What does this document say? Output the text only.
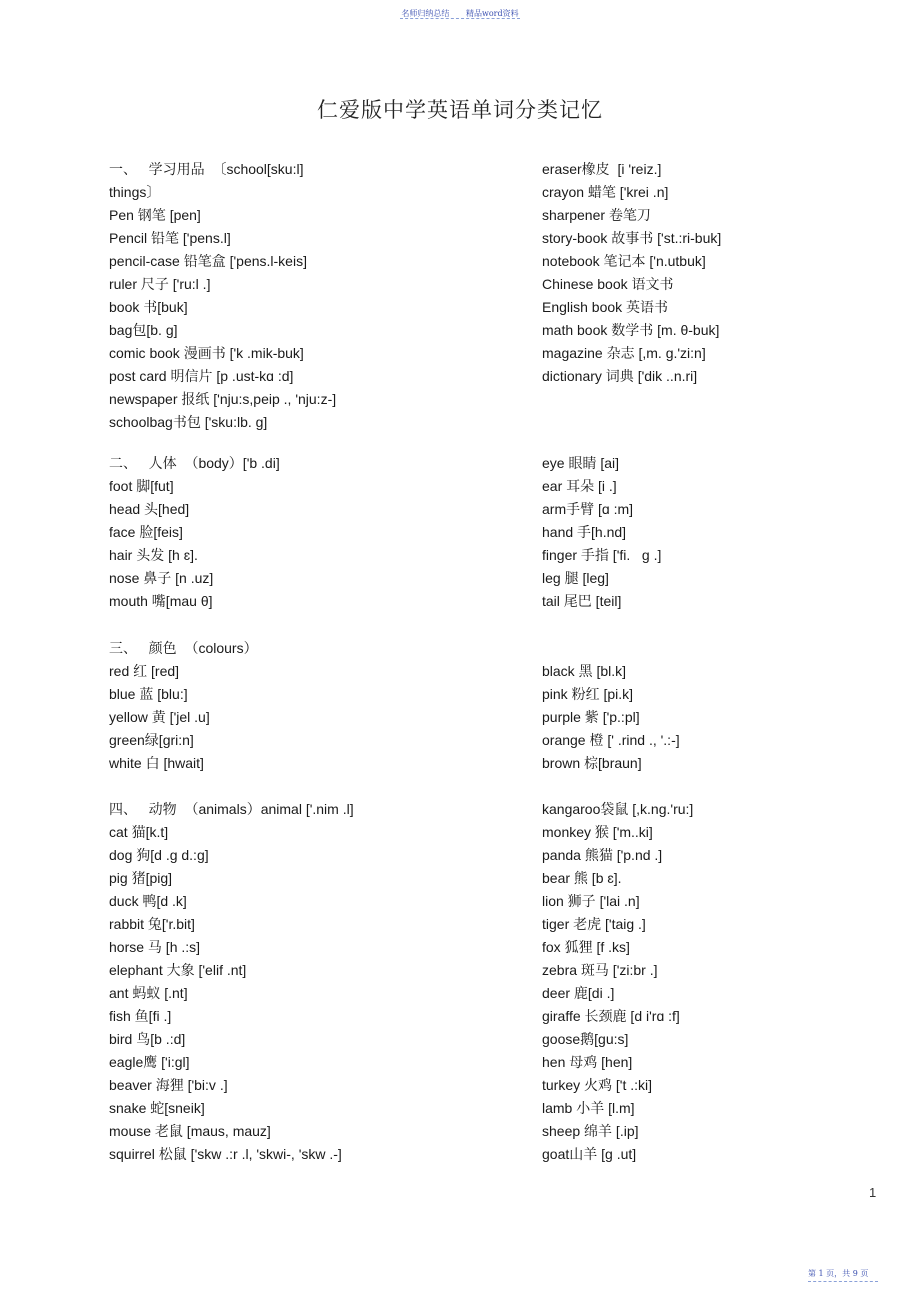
名师归纳总结 精品word资料
仁爱版中学英语单词分类记忆
一、   学习用品  〔school[sku:l]
things〕
Pen 钢笔 [pen]
Pencil 铅笔 ['pens.l]
pencil-case 铅笔盒 ['pens.l-keis]
ruler 尺子 ['ru:l .]
book 书[buk]
bag包[b. ɡ]
comic book 漫画书 ['k .mik-buk]
post card 明信片 [p .ust-kɑ :d]
newspaper 报纸 ['nju:s,peip ., 'nju:z-]
schoolbag书包 ['sku:lb. ɡ]
eraser橡皮  [i 'reiz.]
crayon 蜡笔 ['krei .n]
sharpener 卷笔刀
story-book 故事书 ['st.:ri-buk]
notebook 笔记本 ['n.utbuk]
Chinese book 语文书
English book 英语书
math book 数学书 [m. θ-buk]
magazine 杂志 [,m. ɡ.'zi:n]
dictionary 词典 ['dik ..n.ri]
二、   人体  （body）['b .di]
foot 脚[fut]
head 头[hed]
face 脸[feis]
hair 头发 [h ɛ].
nose 鼻子 [n .uz]
mouth 嘴[mau θ]
eye 眼睛 [ai]
ear 耳朵 [i .]
arm手臂 [ɑ :m]
hand 手[h.nd]
finger 手指 ['fi.   ɡ .]
leg 腿 [leɡ]
tail 尾巴 [teil]
三、   颜色  （colours）
red 红 [red]
blue 蓝 [blu:]
yellow 黄 ['jel .u]
green绿[ɡri:n]
white 白 [hwait]
black 黑 [bl.k]
pink 粉红 [pi.k]
purple 紫 ['p.:pl]
orange 橙 [' .rind ., '.:-]
brown 棕[braun]
四、   动物  （animals）animal ['.nim .l]
cat 猫[k.t]
dog 狗[d .ɡ d.:ɡ]
pig 猪[piɡ]
duck 鸭[d .k]
rabbit 兔['r.bit]
horse 马 [h .:s]
elephant 大象 ['elif .nt]
ant 蚂蚁 [.nt]
fish 鱼[fi .]
bird 鸟[b .:d]
eagle鹰 ['i:ɡl]
beaver 海狸 ['bi:v .]
snake 蛇[sneik]
mouse 老鼠 [maus, mauz]
squirrel 松鼠 ['skw .:r .l, 'skwi-, 'skw .-]
kangaroo袋鼠 [,k.nɡ.'ru:]
monkey 猴 ['m..ki]
panda 熊猫 ['p.nd .]
bear 熊 [b ɛ].
lion 狮子 ['lai .n]
tiger 老虎 ['taiɡ .]
fox 狐狸 [f .ks]
zebra 斑马 ['zi:br .]
deer 鹿[di .]
giraffe 长颈鹿 [d i'rɑ :f]
goose鹅[ɡu:s]
hen 母鸡 [hen]
turkey 火鸡 ['t .:ki]
lamb 小羊 [l.m]
sheep 绵羊 [.ip]
goat山羊 [ɡ .ut]
1
第 1 页，共 9 页
